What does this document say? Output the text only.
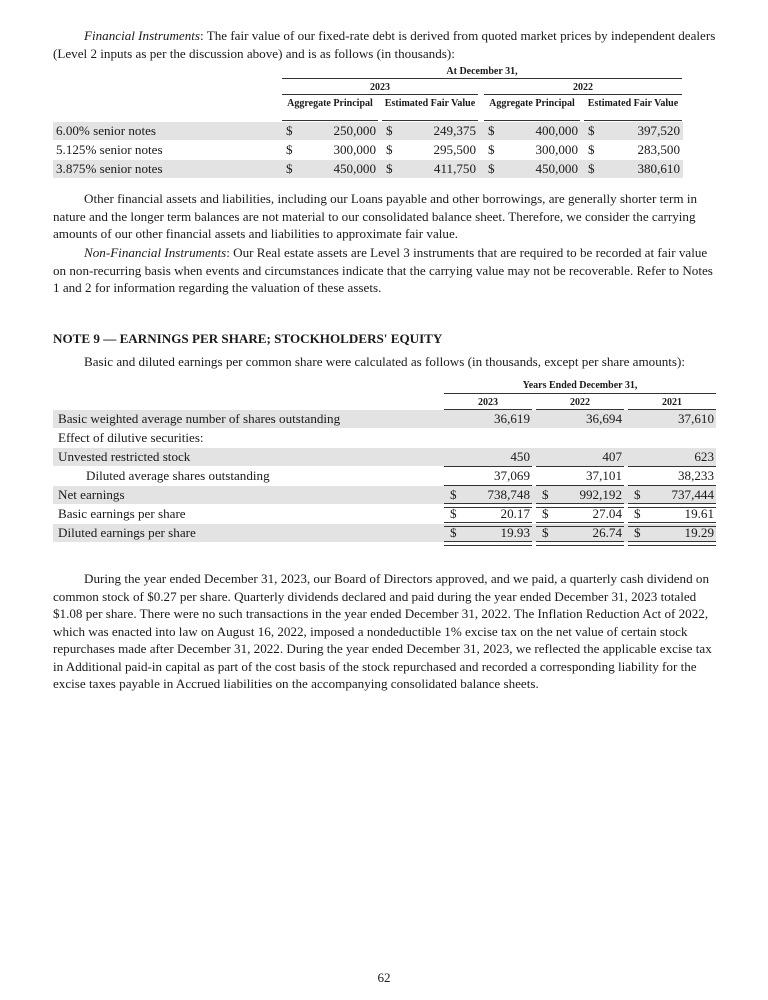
Financial Instruments: The fair value of our fixed-rate debt is derived from quoted market prices by independent dealers (Level 2 inputs as per the discussion above) and is as follows (in thousands):

At December 31,
2023	2022
Aggregate Principal	Estimated Fair Value	Aggregate Principal	Estimated Fair Value
6.00% senior notes	$	250,000 $	249,375 $	400,000 $	397,520
5.125% senior notes	$	300,000 $	295,500 $	300,000 $	283,500
3.875% senior notes	$	450,000 $	411,750 $	450,000 $	380,610

Other financial assets and liabilities, including our Loans payable and other borrowings, are generally shorter term in nature and the longer term balances are not material to our consolidated balance sheet. Therefore, we consider the carrying amounts of our other financial assets and liabilities to approximate fair value.

Non-Financial Instruments: Our Real estate assets are Level 3 instruments that are required to be recorded at fair value on non-recurring basis when events and circumstances indicate that the carrying value may not be recoverable. Refer to Notes 1 and 2 for information regarding the valuation of these assets.

NOTE 9 — EARNINGS PER SHARE; STOCKHOLDERS' EQUITY
Basic and diluted earnings per common share were calculated as follows (in thousands, except per share amounts):
Years Ended December 31,
2023	2022	2021
Basic weighted average number of shares outstanding	36,619	36,694	37,610
Effect of dilutive securities:
Unvested restricted stock	450	407	623
Diluted average shares outstanding	37,069	37,101	38,233
Net earnings	$	738,748 $	992,192 $	737,444
Basic earnings per share	$	20.17 $	27.04 $	19.61
Diluted earnings per share	$	19.93 $	26.74 $	19.29

During the year ended December 31, 2023, our Board of Directors approved, and we paid, a quarterly cash dividend on common stock of $0.27 per share. Quarterly dividends declared and paid during the year ended December 31, 2023 totaled $1.08 per share. There were no such transactions in the year ended December 31, 2022. The Inflation Reduction Act of 2022, which was enacted into law on August 16, 2022, imposed a nondeductible 1% excise tax on the net value of certain stock repurchases made after December 31, 2022. During the year ended December 31, 2023, we reflected the applicable excise tax in Additional paid-in capital as part of the cost basis of the stock repurchased and recorded a corresponding liability for the excise taxes payable in Accrued liabilities on the accompanying consolidated balance sheets.

62
